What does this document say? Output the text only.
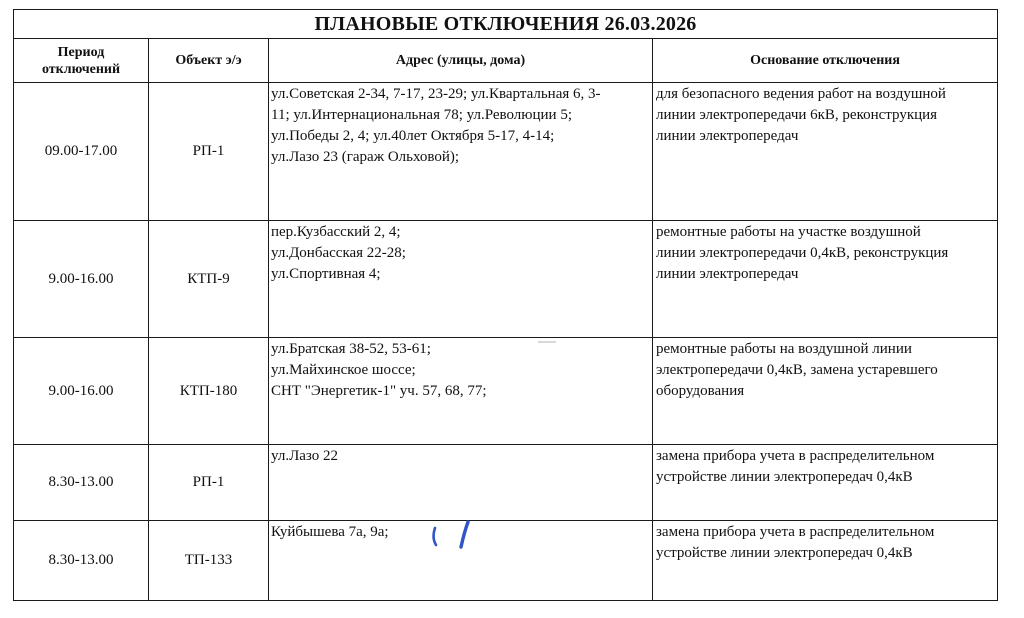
ПЛАНОВЫЕ ОТКЛЮЧЕНИЯ 26.03.2026			
Период
отключений	Объект э/э	Адрес (улицы, дома)	Основание отключения
09.00-17.00	РП-1	ул.Советская 2-34, 7-17, 23-29; ул.Квартальная 6, 3-
11; ул.Интернациональная 78; ул.Революции 5;
ул.Победы 2, 4; ул.40лет Октября 5-17, 4-14;
ул.Лазо 23 (гараж Ольховой);	для безопасного ведения работ на воздушной
линии электропередачи 6кВ, реконструкция
линии электропередач
9.00-16.00	КТП-9	пер.Кузбасский 2, 4;
ул.Донбасская 22-28;
ул.Спортивная 4;	ремонтные работы на участке воздушной
линии электропередачи 0,4кВ, реконструкция
линии электропередач
9.00-16.00	КТП-180	ул.Братская 38-52, 53-61;
ул.Майхинское шоссе;
СНТ "Энергетик-1" уч. 57, 68, 77;	ремонтные работы на воздушной линии
электропередачи 0,4кВ, замена устаревшего
оборудования
8.30-13.00	РП-1	ул.Лазо 22	замена прибора учета в распределительном
устройстве линии электропередач 0,4кВ
8.30-13.00	ТП-133	Куйбышева 7а, 9а;	замена прибора учета в распределительном
устройстве линии электропередач 0,4кВ
